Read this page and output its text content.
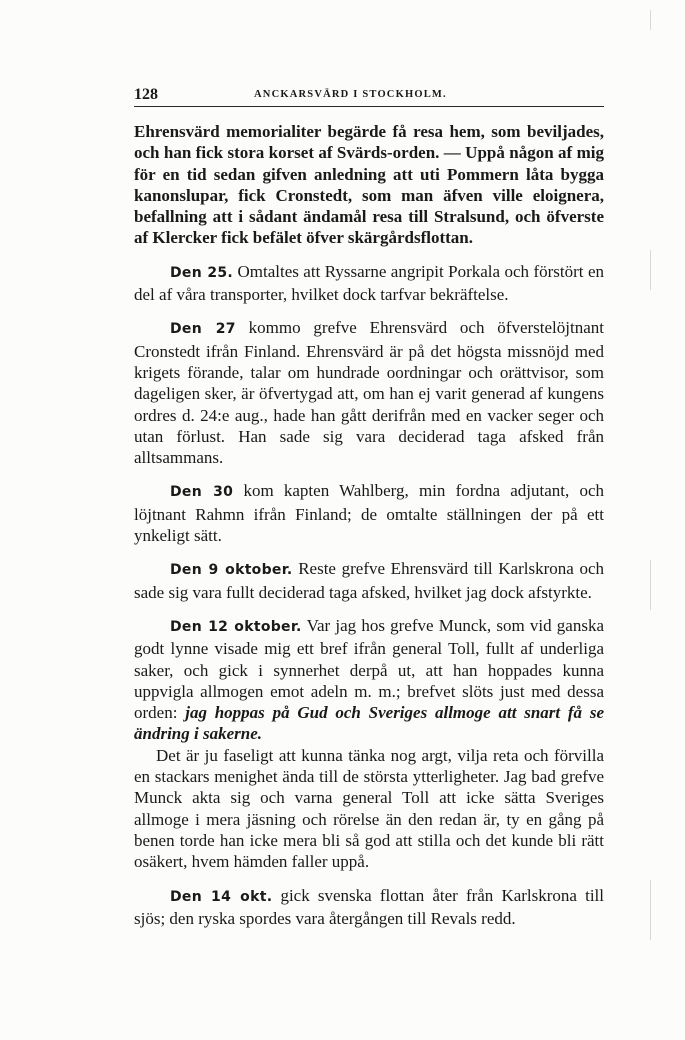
128	ANCKARSVÄRD I STOCKHOLM.

Ehrensvärd memorialiter begärde få resa hem, som beviljades, och han fick stora korset af Svärds-orden. — Uppå någon af mig för en tid sedan gifven anledning att uti Pommern låta bygga kanonslupar, fick Cronstedt, som man äfven ville eloignera, befallning att i sådant ändamål resa till Stralsund, och öfverste af Klercker fick befälet öfver skärgårdsflottan.

Den 25. Omtaltes att Ryssarne angripit Porkala och förstört en del af våra transporter, hvilket dock tarfvar bekräftelse.

Den 27 kommo grefve Ehrensvärd och öfverstelöjtnant Cronstedt ifrån Finland. Ehrensvärd är på det högsta missnöjd med krigets förande, talar om hundrade oordningar och orättvisor, som dageligen sker, är öfvertygad att, om han ej varit generad af kungens ordres d. 24:e aug., hade han gått derifrån med en vacker seger och utan förlust. Han sade sig vara deciderad taga afsked från alltsammans.

Den 30 kom kapten Wahlberg, min fordna adjutant, och löjtnant Rahmn ifrån Finland; de omtalte ställningen der på ett ynkeligt sätt.

Den 9 oktober. Reste grefve Ehrensvärd till Karlskrona och sade sig vara fullt deciderad taga afsked, hvilket jag dock afstyrkte.

Den 12 oktober. Var jag hos grefve Munck, som vid ganska godt lynne visade mig ett bref ifrån general Toll, fullt af underliga saker, och gick i synnerhet derpå ut, att han hoppades kunna uppvigla allmogen emot adeln m. m.; brefvet slöts just med dessa orden: jag hoppas på Gud och Sveriges allmoge att snart få se ändring i sakerne.

Det är ju faseligt att kunna tänka nog argt, vilja reta och förvilla en stackars menighet ända till de största ytterligheter. Jag bad grefve Munck akta sig och varna general Toll att icke sätta Sveriges allmoge i mera jäsning och rörelse än den redan är, ty en gång på benen torde han icke mera bli så god att stilla och det kunde bli rätt osäkert, hvem hämden faller uppå.

Den 14 okt. gick svenska flottan åter från Karlskrona till sjös; den ryska spordes vara återgången till Revals redd.
